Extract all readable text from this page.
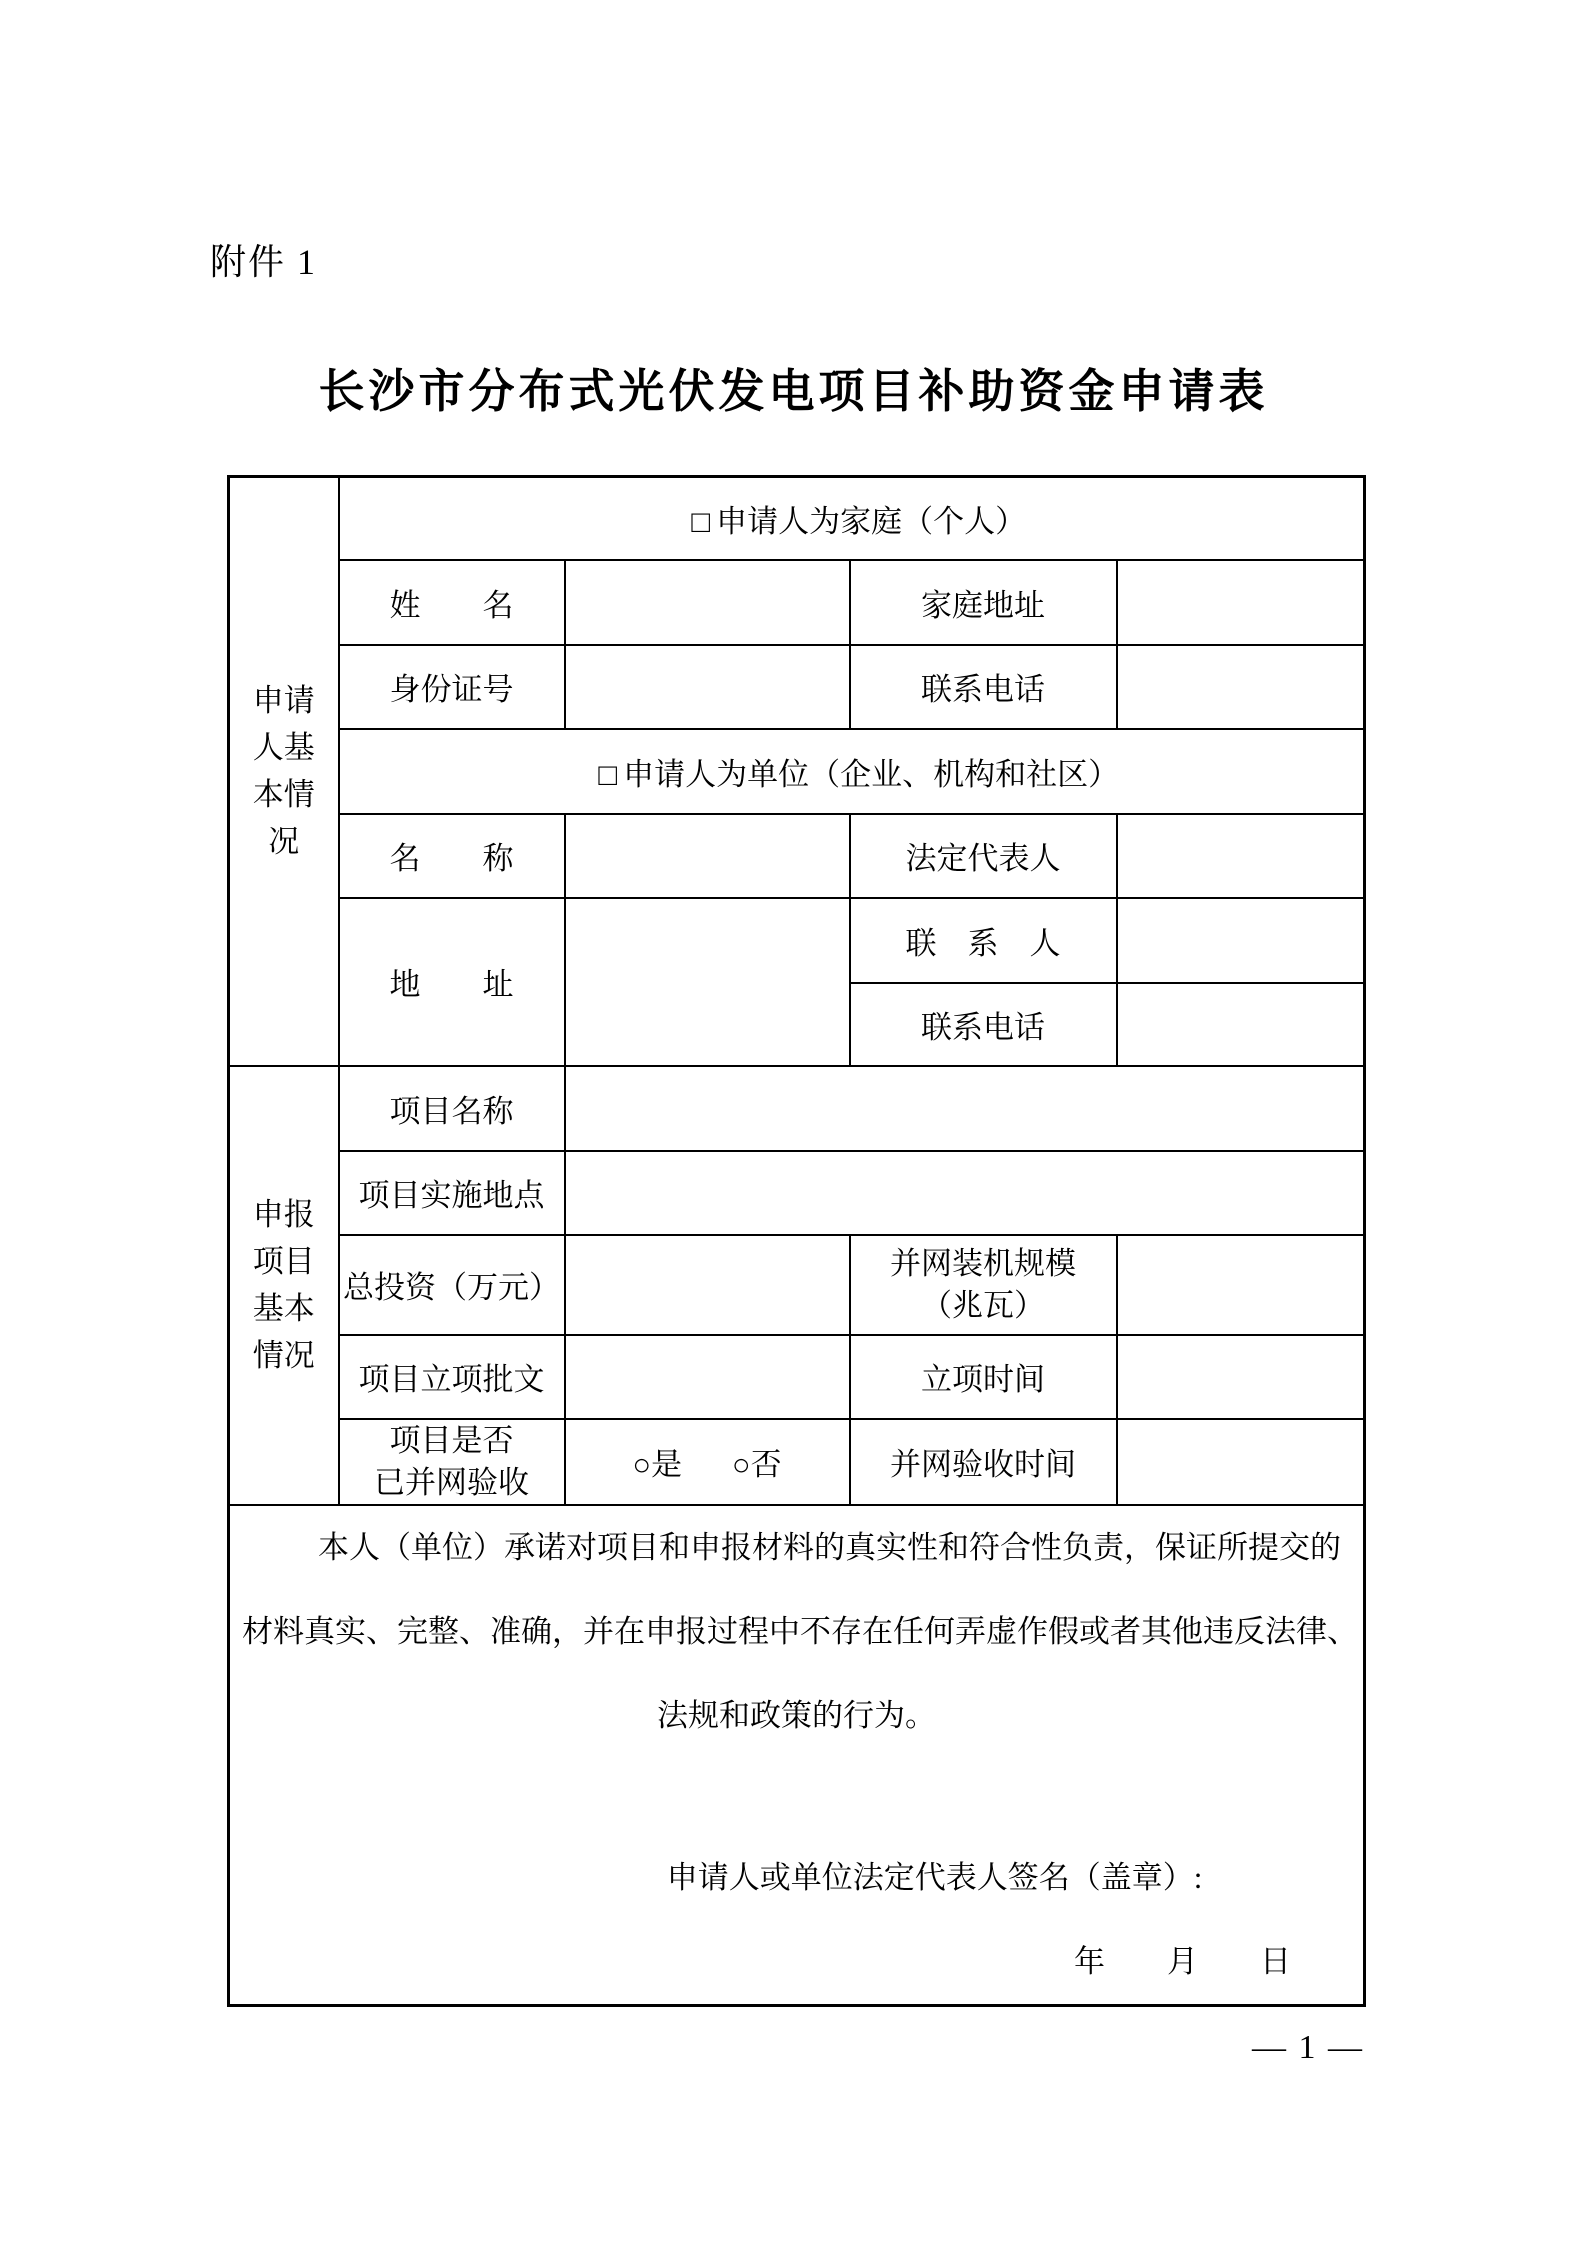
附件 1
长沙市分布式光伏发电项目补助资金申请表
申请
人基
本情
况	□ 申请人为家庭（个人）			
	姓　　名		家庭地址	
	身份证号		联系电话	
	□ 申请人为单位（企业、机构和社区）			
	名　　称		法定代表人	
	地　　址		联　系　人	
			联系电话	

申报
项目
基本
情况	项目名称			
	项目实施地点			
	总投资（万元）		并网装机规模
（兆瓦）	

	项目立项批文		立项时间	

	项目是否
已并网验收	○是 ○否	并网验收时间	

本人（单位）承诺对项目和申报材料的真实性和符合性负责，保证所提交的
材料真实、完整、准确，并在申报过程中不存在任何弄虚作假或者其他违反法律、
法规和政策的行为。
申请人或单位法定代表人签名（盖章）:
年　　月　　日				
— 1 —
